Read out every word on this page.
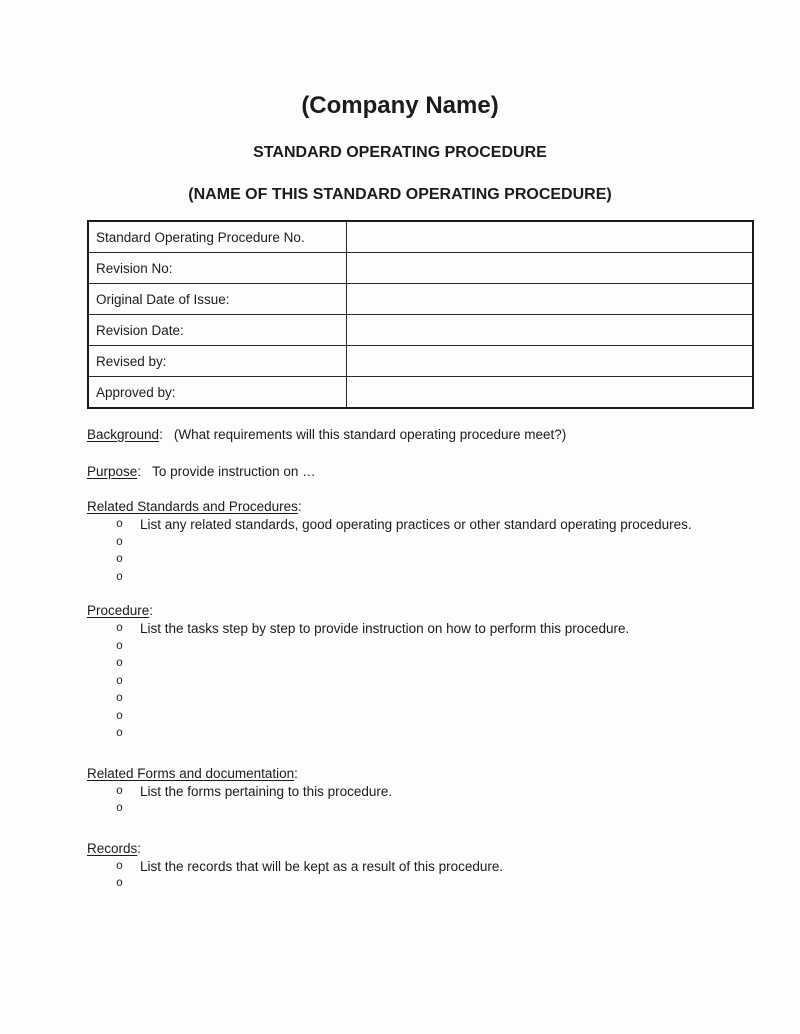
(Company Name)
STANDARD OPERATING PROCEDURE
(NAME OF THIS STANDARD OPERATING PROCEDURE)
Standard Operating Procedure No.	
Revision No:	
Original Date of Issue:	
Revision Date:	
Revised by:	
Approved by:	

Background: (What requirements will this standard operating procedure meet?)

Purpose: To provide instruction on …

Related Standards and Procedures:

o	List any related standards, good operating practices or other standard operating procedures.
o
o
o

Procedure:

o	List the tasks step by step to provide instruction on how to perform this procedure.
o
o
o
o
o
o

Related Forms and documentation:

o	List the forms pertaining to this procedure.
o

Records:

o	List the records that will be kept as a result of this procedure.
o
